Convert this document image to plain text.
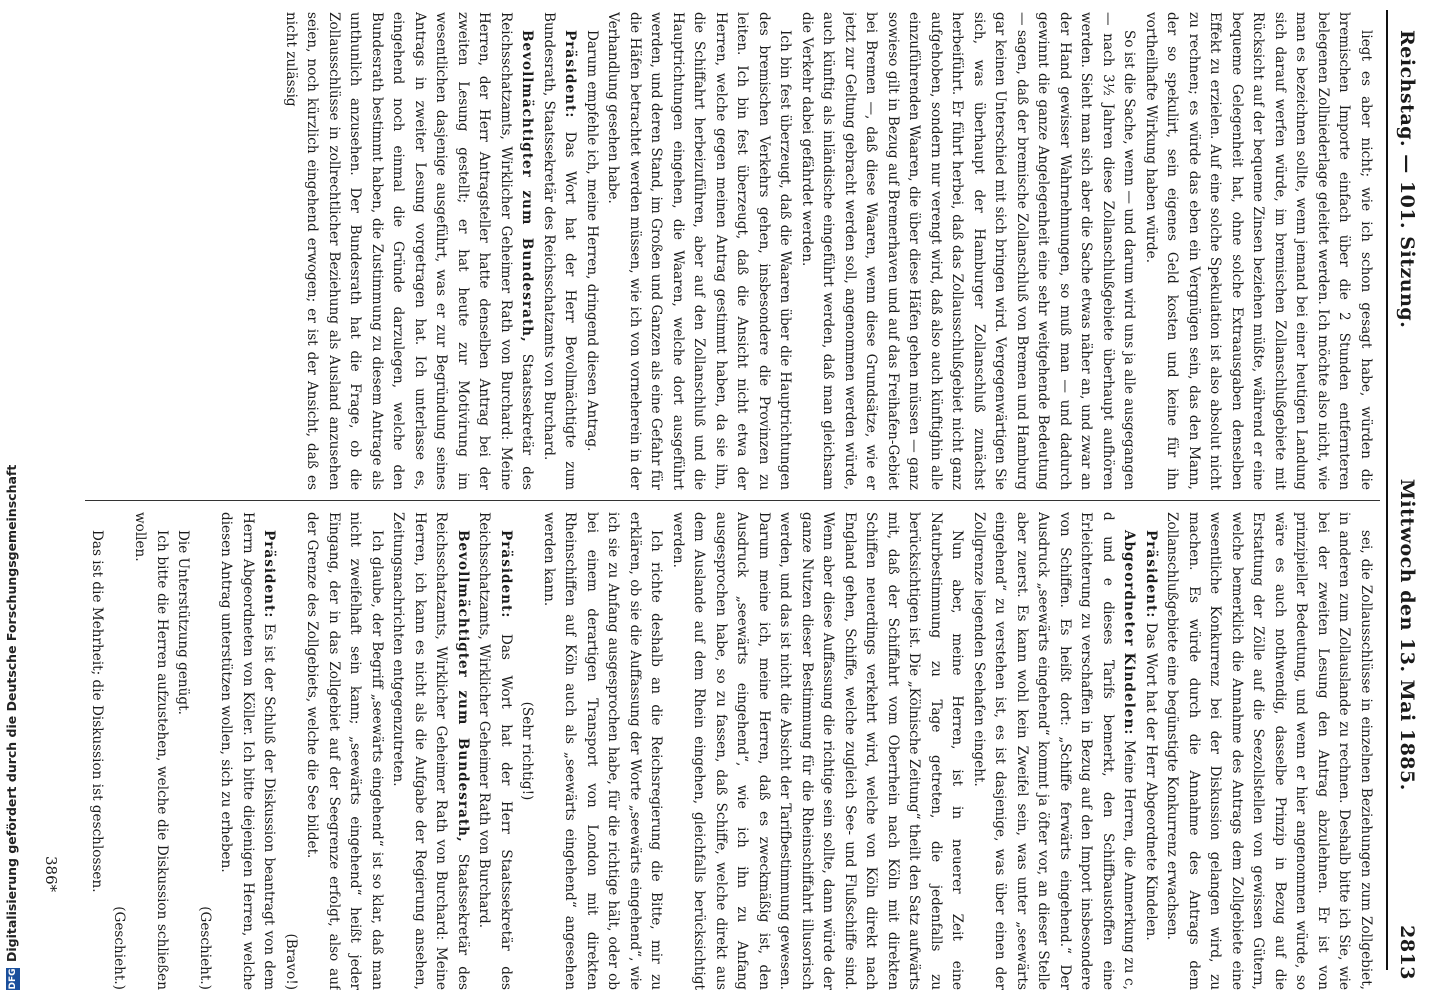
DFGDigitalisierung gefördert durch die Deutsche Forschungsgemeinschaft
Reichstag. — 101. Sitzung.
Mittwoch den 13. Mai 1885.  2813

liegt es aber nicht; wie ich schon gesagt habe, würden die bremischen Importe einfach über die 2 Stunden entfernteren belegenen Zollniederlage geleitet werden. Ich möchte also nicht, wie man es bezeichnen sollte, wenn jemand bei einer heutigen Landung sich darauf werfen würde, im bremischen Zollanschlußgebiete mit Rücksicht auf der bequeme Zinsen beziehen müßte, während er eine bequeme Gelegenheit hat, ohne solche Extraausgaben denselben Effekt zu erzielen. Auf eine solche Spekulation ist also absolut nicht zu rechnen; es würde das eben ein Vergnügen sein, das den Mann, der so spekulirt, sein eigenes Geld kosten und keine für ihn vortheilhafte Wirkung haben würde.

So ist die Sache, wenn — und darum wird uns ja alle ausgegangen — nach 3½ Jahren diese Zollanschlußgebiete überhaupt aufhören werden. Sieht man sich aber die Sache etwas näher an, und zwar an der Hand gewisser Wahrnehmungen, so muß man — und dadurch gewinnt die ganze Angelegenheit eine sehr weitgehende Bedeutung — sagen, daß der bremische Zollanschluß von Bremen und Hamburg gar keinen Unterschied mit sich bringen wird. Vergegenwärtigen Sie sich, was überhaupt der Hamburger Zollanschluß zunächst herbeiführt. Er führt herbei, daß das Zollausschlußgebiet nicht ganz aufgehoben, sondern nur verengt wird, daß also auch künftighin alle einzuführenden Waaren, die über diese Häfen gehen müssen — ganz sowieso gilt in Bezug auf Bremerhaven und auf das Freihafen-Gebiet bei Bremen —, daß diese Waaren, wenn diese Grundsätze, wie er jetzt zur Geltung gebracht werden soll, angenommen werden würde, auch künftig als inländische eingeführt werden, daß man gleichsam die Verkehr dabei gefährdet werden.

Ich bin fest überzeugt, daß die Waaren über die Hauptrichtungen des bremischen Verkehrs gehen, insbesondere die Provinzen zu leiten. Ich bin fest überzeugt, daß die Ansicht nicht etwa der Herren, welche gegen meinen Antrag gestimmt haben, da sie ihn, die Schiffahrt herbeizuführen, aber auf den Zollanschluß und die Hauptrichtungen eingehen, die Waaren, welche dort ausgeführt werden, und deren Stand, im Großen und Ganzen als eine Gefahr für die Häfen betrachtet werden müssen, wie ich von vorneherein in der Verhandlung gesehen habe.

Darum empfehle ich, meine Herren, dringend diesen Antrag.

Präsident: Das Wort hat der Herr Bevollmächtigte zum Bundesrath, Staatssekretär des Reichsschatzamts von Burchard.

Bevollmächtigter zum Bundesrath, Staatssekretär des Reichsschatzamts, Wirklicher Geheimer Rath von Burchard: Meine Herren, der Herr Antragsteller hatte denselben Antrag bei der zweiten Lesung gestellt; er hat heute zur Motivirung im wesentlichen dasjenige ausgeführt, was er zur Begründung seines Antrags in zweiter Lesung vorgetragen hat. Ich unterlasse es, eingehend noch einmal die Gründe darzulegen, welche den Bundesrath bestimmt haben, die Zustimmung zu diesem Antrage als unthunlich anzusehen. Der Bundesrath hat die Frage, ob die Zollausschlüsse in zollrechtlicher Beziehung als Ausland anzusehen seien, noch kürzlich eingehend erwogen; er ist der Ansicht, daß es nicht zulässig

sei, die Zollausschlüsse in einzelnen Beziehungen zum Zollgebiet, in anderen zum Zollauslande zu rechnen. Deshalb bitte ich Sie, wie bei der zweiten Lesung den Antrag abzulehnen. Er ist von prinzipieller Bedeutung, und wenn er hier angenommen würde, so wäre es auch nothwendig, dasselbe Prinzip in Bezug auf die Erstattung der Zölle auf die Seezollstellen von gewissen Gütern, welche bemerklich die Annahme des Antrags dem Zollgebiete eine wesentliche Konkurrenz bei der Diskussion gelangen wird, zu machen. Es würde durch die Annahme des Antrags dem Zollanschlußgebiete eine begünstigte Konkurrenz erwachsen.

Präsident: Das Wort hat der Herr Abgeordnete Kindelen.

Abgeordneter Kindelen: Meine Herren, die Anmerkung zu c, d und e dieses Tarifs bemerkt, den Schiffbaustoffen eine Erleichterung zu verschaffen in Bezug auf den Import insbesondere von Schiffen. Es heißt dort: „Schiffe ferwärts eingehend.“ Der Ausdruck „seewärts eingehend“ kommt ja öfter vor, an dieser Stelle aber zuerst. Es kann wohl kein Zweifel sein, was unter „seewärts eingehend“ zu verstehen ist, es ist dasjenige, was über einen der Zollgrenze liegenden Seehafen eingeht.

Nun aber, meine Herren, ist in neuerer Zeit eine Naturbestimmung zu Tage getreten, die jedenfalls zu berücksichtigen ist. Die „Kölnische Zeitung“ theilt den Satz aufwärts mit, daß der Schiffahrt vom Oberrhein nach Köln mit direkten Schiffen neuerdings verkehrt wird, welche von Köln direkt nach England gehen, Schiffe, welche zugleich See- und Flußschiffe sind. Wenn aber diese Auffassung die richtige sein sollte, dann würde der ganze Nutzen dieser Bestimmung für die Rheinschiffahrt illusorisch werden, und das ist nicht die Absicht der Tarifbestimmung gewesen. Darum meine ich, meine Herren, daß es zweckmäßig ist, den Ausdruck „seewärts eingehend“, wie ich ihn zu Anfang ausgesprochen habe, so zu fassen, daß Schiffe, welche direkt aus dem Auslande auf dem Rhein eingehen, gleichfalls berücksichtigt werden.

Ich richte deshalb an die Reichsregierung die Bitte, mir zu erklären, ob sie die Auffassung der Worte „seewärts eingehend“, wie ich sie zu Anfang ausgesprochen habe, für die richtige hält, oder ob bei einem derartigen Transport von London mit direkten Rheinschiffen auf Köln auch als „seewärts eingehend“ angesehen werden kann.

(Sehr richtig!)

Präsident: Das Wort hat der Herr Staatssekretär des Reichsschatzamts, Wirklicher Geheimer Rath von Burchard.

Bevollmächtigter zum Bundesrath, Staatssekretär des Reichsschatzamts, Wirklicher Geheimer Rath von Burchard: Meine Herren, ich kann es nicht als die Aufgabe der Regierung ansehen, Zeitungsnachrichten entgegenzutreten.

Ich glaube, der Begriff „seewärts eingehend“ ist so klar, daß man nicht zweifelhaft sein kann; „seewärts eingehend“ heißt jeder Eingang, der in das Zollgebiet auf der Seegrenze erfolgt, also auf der Grenze des Zollgebiets, welche die See bildet.

(Bravo!)

Präsident: Es ist der Schluß der Diskussion beantragt von dem Herrn Abgeordneten von Köller. Ich bitte diejenigen Herren, welche diesen Antrag unterstützen wollen, sich zu erheben.

(Geschieht.)

Die Unterstützung genügt.

Ich bitte die Herren aufzustehen, welche die Diskussion schließen wollen.

(Geschieht.)

Das ist die Mehrheit; die Diskussion ist geschlossen.

386*
